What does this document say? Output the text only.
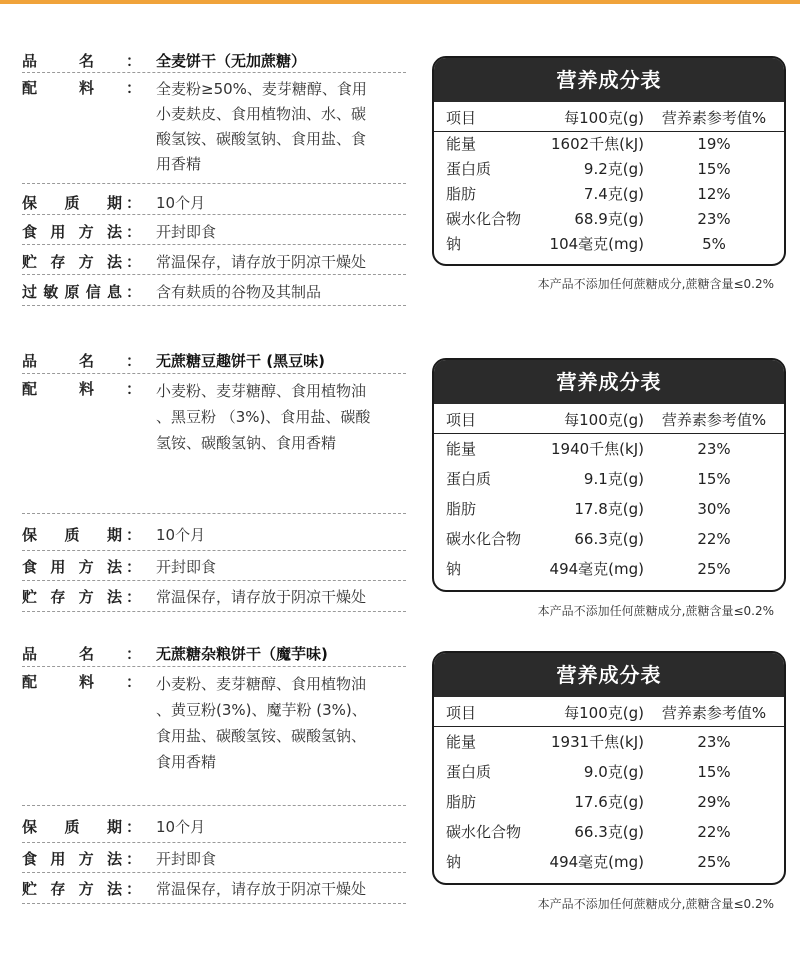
品	名 ： 全麦饼干（无加蔗糖）
配	料 ： 全麦粉≥50%、麦芽糖醇、食用
小麦麸皮、食用植物油、水、碳
酸氢铵、碳酸氢钠、食用盐、食
用香精
保 质 期 ： 10个月
食 用 方 法 ： 开封即食
贮 存 方 法 ： 常温保存，请存放于阴凉干燥处
过 敏 原 信 息 ： 含有麸质的谷物及其制品
营养成分表
项目	每100克(g)	营养素参考值%
能量	1602千焦(kJ)	19%
蛋白质	9.2克(g)	15%
脂肪	7.4克(g)	12%
碳水化合物	68.9克(g)	23%
钠	104毫克(mg)	5%
本产品不添加任何蔗糖成分,蔗糖含量≤0.2%
品	名 ： 无蔗糖豆趣饼干 (黑豆味)
配	料 ： 小麦粉、麦芽糖醇、食用植物油
、黑豆粉 （3%)、食用盐、碳酸
氢铵、碳酸氢钠、食用香精
保 质 期 ： 10个月
食 用 方 法 ： 开封即食
贮 存 方 法 ： 常温保存，请存放于阴凉干燥处
营养成分表
项目	每100克(g)	营养素参考值%
能量	1940千焦(kJ)	23%
蛋白质	9.1克(g)	15%
脂肪	17.8克(g)	30%
碳水化合物	66.3克(g)	22%
钠	494毫克(mg)	25%
本产品不添加任何蔗糖成分,蔗糖含量≤0.2%
品	名 ： 无蔗糖杂粮饼干（魔芋味)
配	料 ： 小麦粉、麦芽糖醇、食用植物油
、黄豆粉(3%)、魔芋粉 (3%)、
食用盐、碳酸氢铵、碳酸氢钠、
食用香精
保 质 期 ： 10个月
食 用 方 法 ： 开封即食
贮 存 方 法 ： 常温保存，请存放于阴凉干燥处
营养成分表
项目	每100克(g)	营养素参考值%
能量	1931千焦(kJ)	23%
蛋白质	9.0克(g)	15%
脂肪	17.6克(g)	29%
碳水化合物	66.3克(g)	22%
钠	494毫克(mg)	25%
本产品不添加任何蔗糖成分,蔗糖含量≤0.2%
